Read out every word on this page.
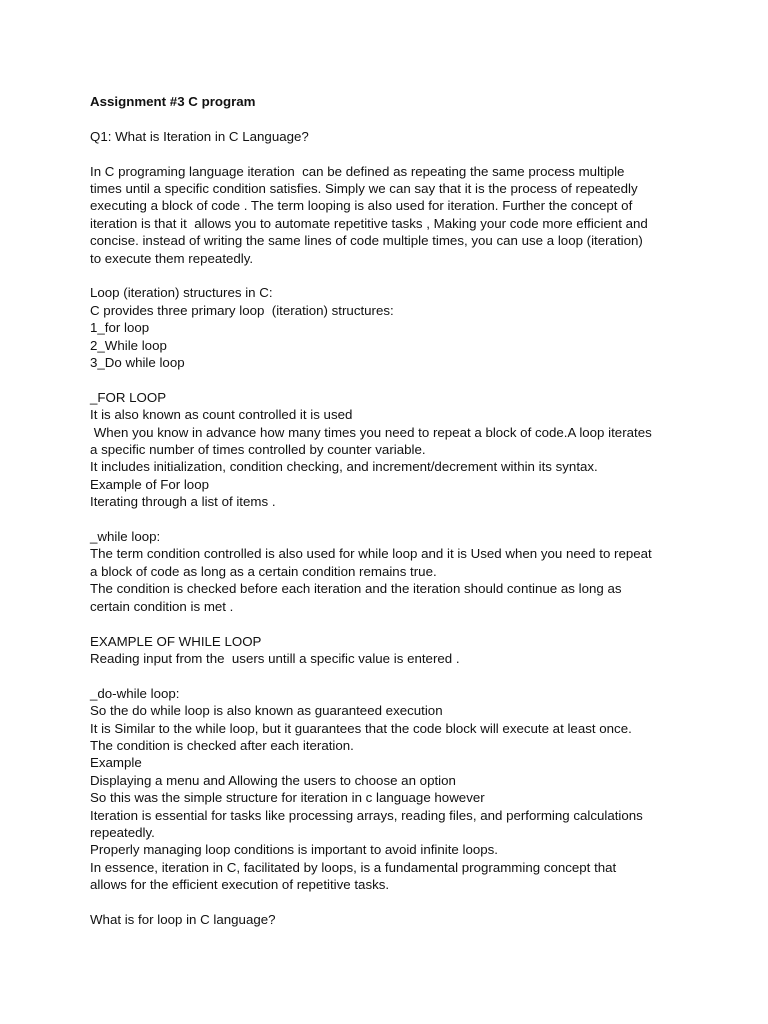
Assignment #3 C program

Q1: What is Iteration in C Language?

In C programing language iteration  can be defined as repeating the same process multiple

times until a specific condition satisfies. Simply we can say that it is the process of repeatedly

executing a block of code . The term looping is also used for iteration. Further the concept of

iteration is that it  allows you to automate repetitive tasks , Making your code more efficient and

concise. instead of writing the same lines of code multiple times, you can use a loop (iteration)

to execute them repeatedly.

Loop (iteration) structures in C:

C provides three primary loop  (iteration) structures:

1_for loop

2_While loop

3_Do while loop

_FOR LOOP

It is also known as count controlled it is used

When you know in advance how many times you need to repeat a block of code.A loop iterates

a specific number of times controlled by counter variable.

It includes initialization, condition checking, and increment/decrement within its syntax.

Example of For loop

Iterating through a list of items .

_while loop:

The term condition controlled is also used for while loop and it is Used when you need to repeat

a block of code as long as a certain condition remains true.

The condition is checked before each iteration and the iteration should continue as long as

certain condition is met .

EXAMPLE OF WHILE LOOP

Reading input from the  users untill a specific value is entered .

_do-while loop:

So the do while loop is also known as guaranteed execution

It is Similar to the while loop, but it guarantees that the code block will execute at least once.

The condition is checked after each iteration.

Example

Displaying a menu and Allowing the users to choose an option

So this was the simple structure for iteration in c language however

Iteration is essential for tasks like processing arrays, reading files, and performing calculations

repeatedly.

Properly managing loop conditions is important to avoid infinite loops.

In essence, iteration in C, facilitated by loops, is a fundamental programming concept that

allows for the efficient execution of repetitive tasks.

What is for loop in C language?
